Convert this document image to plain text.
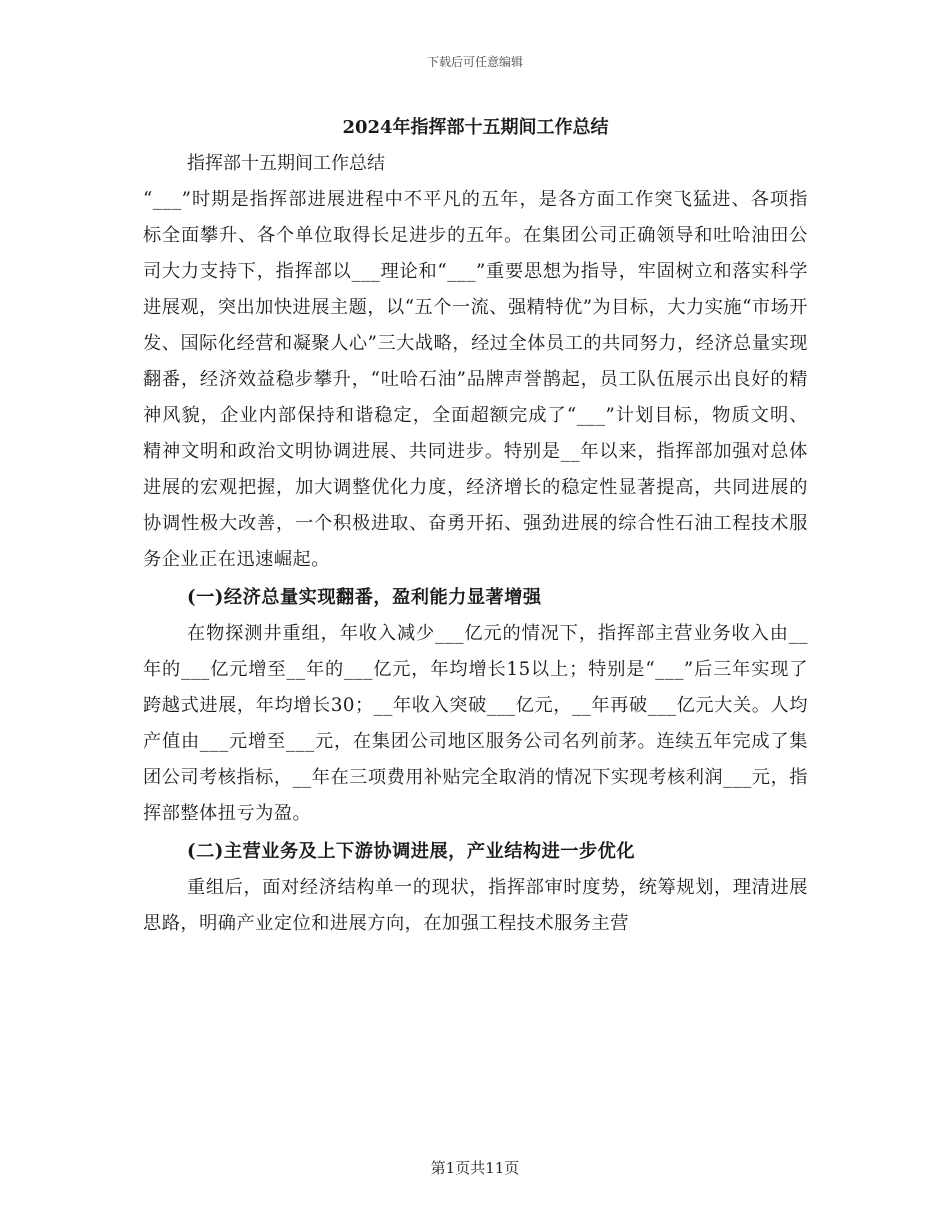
下载后可任意编辑

2024年指挥部十五期间工作总结

指挥部十五期间工作总结

“___”时期是指挥部进展进程中不平凡的五年，是各方面工作突飞猛进、各项指标全面攀升、各个单位取得长足进步的五年。在集团公司正确领导和吐哈油田公司大力支持下，指挥部以___理论和“___”重要思想为指导，牢固树立和落实科学进展观，突出加快进展主题，以“五个一流、强精特优”为目标，大力实施“市场开发、国际化经营和凝聚人心”三大战略，经过全体员工的共同努力，经济总量实现翻番，经济效益稳步攀升，“吐哈石油”品牌声誉鹊起，员工队伍展示出良好的精神风貌，企业内部保持和谐稳定，全面超额完成了“___”计划目标，物质文明、精神文明和政治文明协调进展、共同进步。特别是__年以来，指挥部加强对总体进展的宏观把握，加大调整优化力度，经济增长的稳定性显著提高，共同进展的协调性极大改善，一个积极进取、奋勇开拓、强劲进展的综合性石油工程技术服务企业正在迅速崛起。

(一)经济总量实现翻番，盈利能力显著增强

在物探测井重组，年收入减少___亿元的情况下，指挥部主营业务收入由__年的___亿元增至__年的___亿元，年均增长15以上；特别是“___”后三年实现了跨越式进展，年均增长30；__年收入突破___亿元，__年再破___亿元大关。人均产值由___元增至___元，在集团公司地区服务公司名列前茅。连续五年完成了集团公司考核指标，__年在三项费用补贴完全取消的情况下实现考核利润___元，指挥部整体扭亏为盈。

(二)主营业务及上下游协调进展，产业结构进一步优化

重组后，面对经济结构单一的现状，指挥部审时度势，统筹规划，理清进展思路，明确产业定位和进展方向，在加强工程技术服务主营

第1页共11页
